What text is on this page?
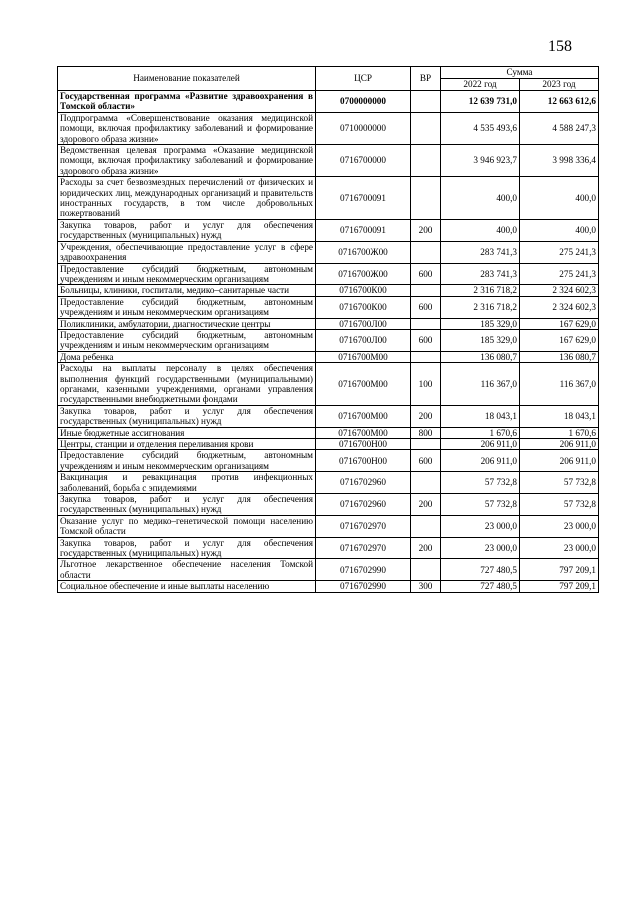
158
Наименование показателей	ЦСР	ВР	Сумма	
			2022 год	2023 год
Государственная программа «Развитие здравоохранения в Томской области»	0700000000		12 639 731,0	12 663 612,6
Подпрограмма «Совершенствование оказания медицинской помощи, включая профилактику заболеваний и формирование здорового образа жизни»	0710000000		4 535 493,6	4 588 247,3
Ведомственная целевая программа «Оказание медицинской помощи, включая профилактику заболеваний и формирование здорового образа жизни»	0716700000		3 946 923,7	3 998 336,4
Расходы за счет безвозмездных перечислений от физических и юридических лиц, международных организаций и правительств иностранных государств, в том числе добровольных пожертвований	0716700091		400,0	400,0
Закупка товаров, работ и услуг для обеспечения государственных (муниципальных) нужд	0716700091	200	400,0	400,0
Учреждения, обеспечивающие предоставление услуг в сфере здравоохранения	0716700Ж00		283 741,3	275 241,3
Предоставление субсидий бюджетным, автономным учреждениям и иным некоммерческим организациям	0716700Ж00	600	283 741,3	275 241,3
Больницы, клиники, госпитали, медико–санитарные части	0716700К00		2 316 718,2	2 324 602,3
Предоставление субсидий бюджетным, автономным учреждениям и иным некоммерческим организациям	0716700К00	600	2 316 718,2	2 324 602,3
Поликлиники, амбулатории, диагностические центры	0716700Л00		185 329,0	167 629,0
Предоставление субсидий бюджетным, автономным учреждениям и иным некоммерческим организациям	0716700Л00	600	185 329,0	167 629,0
Дома ребенка	0716700М00		136 080,7	136 080,7
Расходы на выплаты персоналу в целях обеспечения выполнения функций государственными (муниципальными) органами, казенными учреждениями, органами управления государственными внебюджетными фондами	0716700М00	100	116 367,0	116 367,0
Закупка товаров, работ и услуг для обеспечения государственных (муниципальных) нужд	0716700М00	200	18 043,1	18 043,1
Иные бюджетные ассигнования	0716700М00	800	1 670,6	1 670,6
Центры, станции и отделения переливания крови	0716700Н00		206 911,0	206 911,0
Предоставление субсидий бюджетным, автономным учреждениям и иным некоммерческим организациям	0716700Н00	600	206 911,0	206 911,0
Вакцинация и ревакцинация против инфекционных заболеваний, борьба с эпидемиями	0716702960		57 732,8	57 732,8
Закупка товаров, работ и услуг для обеспечения государственных (муниципальных) нужд	0716702960	200	57 732,8	57 732,8
Оказание услуг по медико–генетической помощи населению Томской области	0716702970		23 000,0	23 000,0
Закупка товаров, работ и услуг для обеспечения государственных (муниципальных) нужд	0716702970	200	23 000,0	23 000,0
Льготное лекарственное обеспечение населения Томской области	0716702990		727 480,5	797 209,1
Социальное обеспечение и иные выплаты населению	0716702990	300	727 480,5	797 209,1
